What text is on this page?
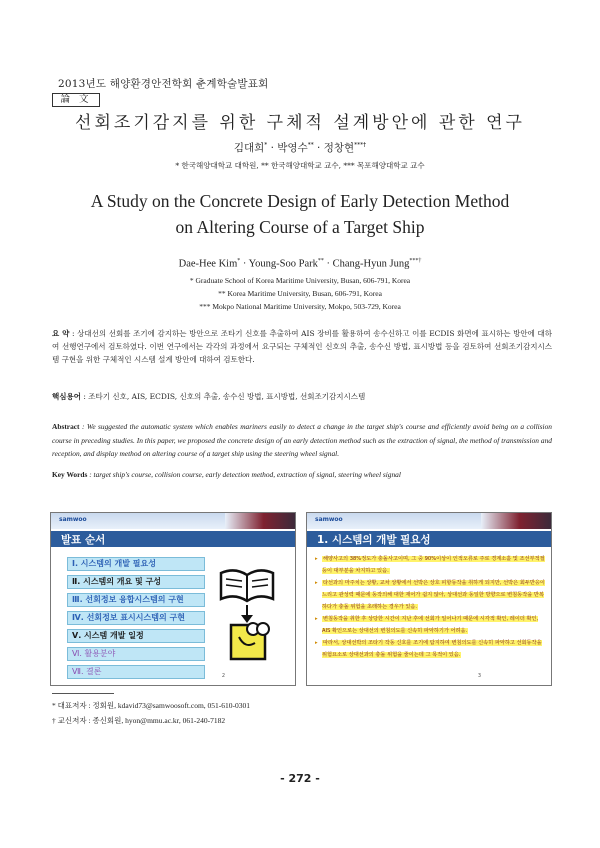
2013년도 해양환경안전학회 춘계학술발표회
論 文
선회조기감지를 위한 구체적 설계방안에 관한 연구
김대희* · 박영수** · 정창현***†
* 한국해양대학교 대학원, ** 한국해양대학교 교수, *** 목포해양대학교 교수
A Study on the Concrete Design of Early Detection Method
on Altering Course of a Target Ship
Dae-Hee Kim* · Young-Soo Park** · Chang-Hyun Jung***†
* Graduate School of Korea Maritime University, Busan, 606-791, Korea
** Korea Maritime University, Busan, 606-791, Korea
*** Mokpo National Maritime University, Mokpo, 503-729, Korea
요 약 : 상대선의 선회를 조기에 감지하는 방안으로 조타기 신호를 추출하여 AIS 장비를 활용하여 송수신하고 이를 ECDIS 화면에 표시하는 방안에 대하여 선행연구에서 검토하였다. 이번 연구에서는 각각의 과정에서 요구되는 구체적인 신호의 추출, 송수신 방법, 표시방법 등을 검토하여 선회조기감지시스템 구현을 위한 구체적인 시스템 설계 방안에 대하여 검토한다.
핵심용어 : 조타기 신호, AIS, ECDIS, 신호의 추출, 송수신 방법, 표시방법, 선회조기감지시스템
Abstract : We suggested the automatic system which enables mariners easily to detect a change in the target ship's course and efficiently avoid being on a collision course in preceding studies. In this paper, we proposed the concrete design of an early detection method such as the extraction of signal, the method of transmission and reception, and display method on altering course of a target ship using the steering wheel signal.
Key Words : target ship's course, collision course, early detection method, extraction of signal, steering wheel signal
samwoo
발표 순서
Ⅰ. 시스템의 개발 필요성
Ⅱ. 시스템의 개요 및 구성
Ⅲ. 선회정보 융합시스템의 구현
Ⅳ. 선회정보 표시시스템의 구현
Ⅴ. 시스템 개발 일정
Ⅵ. 활용분야
Ⅶ. 결론	2
samwoo
1. 시스템의 개발 필요성
▸ 해양사고의 38%정도가 충돌사고이며, 그 중 90%이상이 인적오류로 주로 경계소홀 및 조선부적절 등이 대부분을 차지하고 있음.
▸ 타선과의 마주치는 상황, 교차 상황에서 선박은 상호 피항동작을 취하게 되지만, 선박은 회두반응이 느리고 관성력 때문에 동작의해 대한 재어가 쉽지 않아, 상대선과 동일한 방향으로 변침동작을 반복하다가 충돌 위험을 초래하는 경우가 있음.
▸ 변침동작을 취한 후 상당한 시간이 지난 후에 선회가 일어나기 때문에 시각적 확인, 레이더 확인, AIS 확인으로는 상대선의 변침의도를 신속히 파악하기가 어려움.
▸ 따라서, 상대선박의 조타기 작동 신호를 조기에 탐지하여 변침의도를 신속히 파악하고 선회동작을 위험요소로 상대선과의 충돌 위험을 줄이는데 그 목적이 있음.
3
* 대표저자 : 정회원, kdavid73@samwoosoft.com, 051-610-0301
† 교신저자 : 종신회원, hyon@mmu.ac.kr, 061-240-7182
- 272 -
